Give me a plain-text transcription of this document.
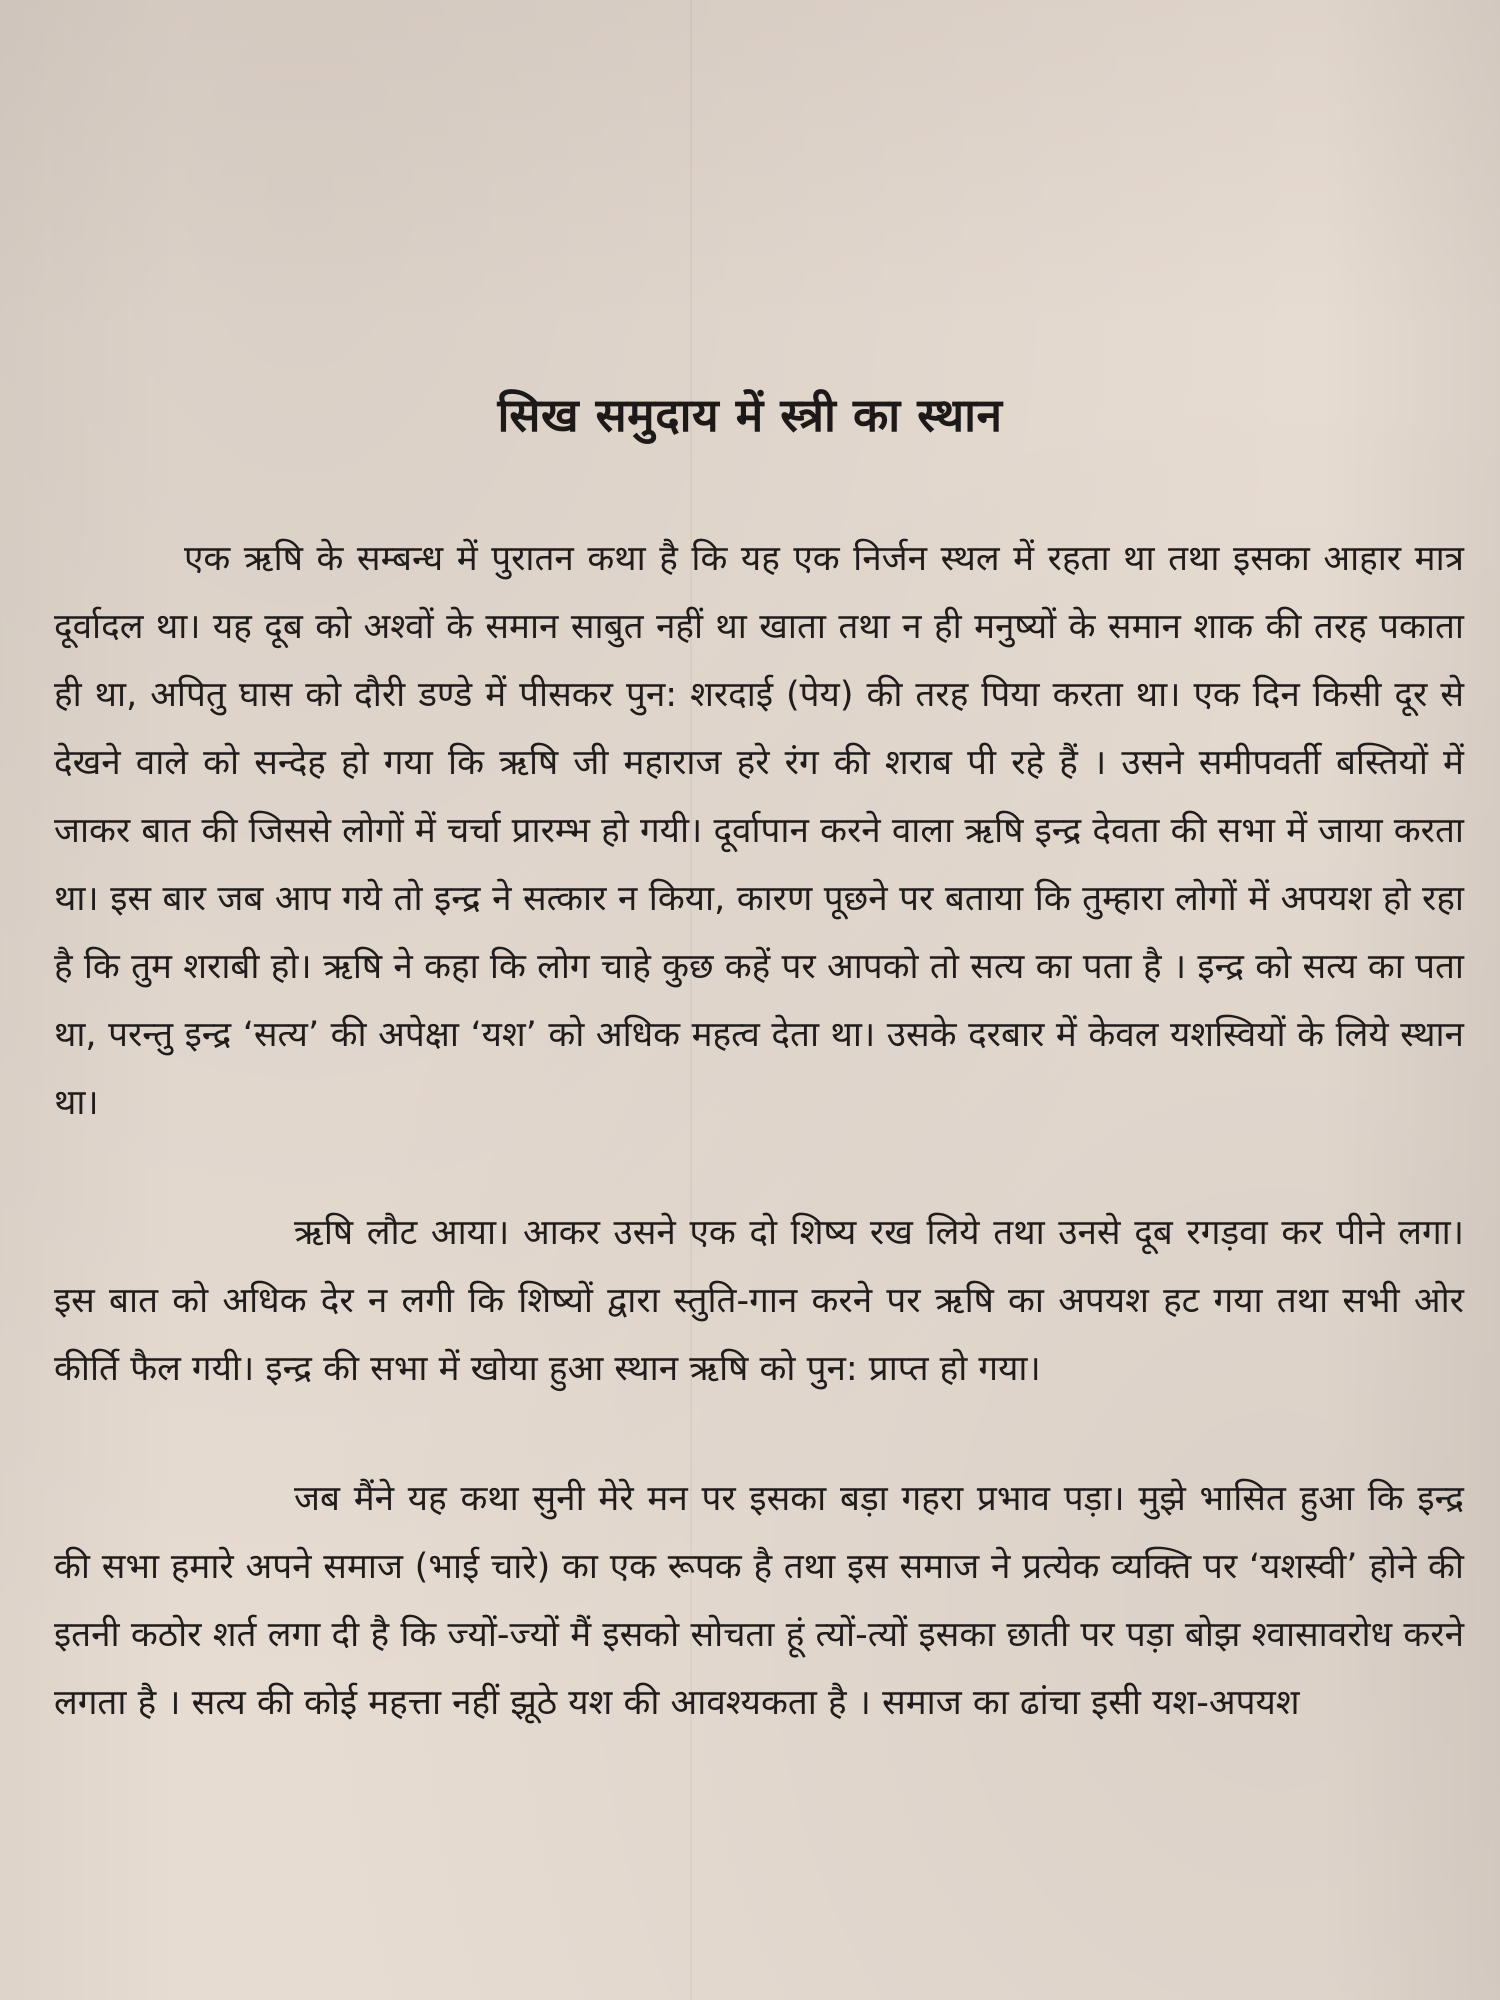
सिख समुदाय में स्त्री का स्थान

एक ऋषि के सम्बन्ध में पुरातन कथा है कि यह एक निर्जन स्थल में रहता था तथा इसका आहार मात्र दूर्वादल था। यह दूब को अश्वों के समान साबुत नहीं था खाता तथा न ही मनुष्यों के समान शाक की तरह पकाता ही था, अपितु घास को दौरी डण्डे में पीसकर पुन: शरदाई (पेय) की तरह पिया करता था। एक दिन किसी दूर से देखने वाले को सन्देह हो गया कि ऋषि जी महाराज हरे रंग की शराब पी रहे हैं । उसने समीपवर्ती बस्तियों में जाकर बात की जिससे लोगों में चर्चा प्रारम्भ हो गयी। दूर्वापान करने वाला ऋषि इन्द्र देवता की सभा में जाया करता था। इस बार जब आप गये तो इन्द्र ने सत्कार न किया, कारण पूछने पर बताया कि तुम्हारा लोगों में अपयश हो रहा है कि तुम शराबी हो। ऋषि ने कहा कि लोग चाहे कुछ कहें पर आपको तो सत्य का पता है । इन्द्र को सत्य का पता था, परन्तु इन्द्र ‘सत्य’ की अपेक्षा ‘यश’ को अधिक महत्व देता था। उसके दरबार में केवल यशस्वियों के लिये स्थान था।

ऋषि लौट आया। आकर उसने एक दो शिष्य रख लिये तथा उनसे दूब रगड़वा कर पीने लगा। इस बात को अधिक देर न लगी कि शिष्यों द्वारा स्तुति-गान करने पर ऋषि का अपयश हट गया तथा सभी ओर कीर्ति फैल गयी। इन्द्र की सभा में खोया हुआ स्थान ऋषि को पुन: प्राप्त हो गया।

जब मैंने यह कथा सुनी मेरे मन पर इसका बड़ा गहरा प्रभाव पड़ा। मुझे भासित हुआ कि इन्द्र की सभा हमारे अपने समाज (भाई चारे) का एक रूपक है तथा इस समाज ने प्रत्येक व्यक्ति पर ‘यशस्वी’ होने की इतनी कठोर शर्त लगा दी है कि ज्यों-ज्यों मैं इसको सोचता हूं त्यों-त्यों इसका छाती पर पड़ा बोझ श्वासावरोध करने लगता है । सत्य की कोई महत्ता नहीं झूठे यश की आवश्यकता है । समाज का ढांचा इसी यश-अपयश
